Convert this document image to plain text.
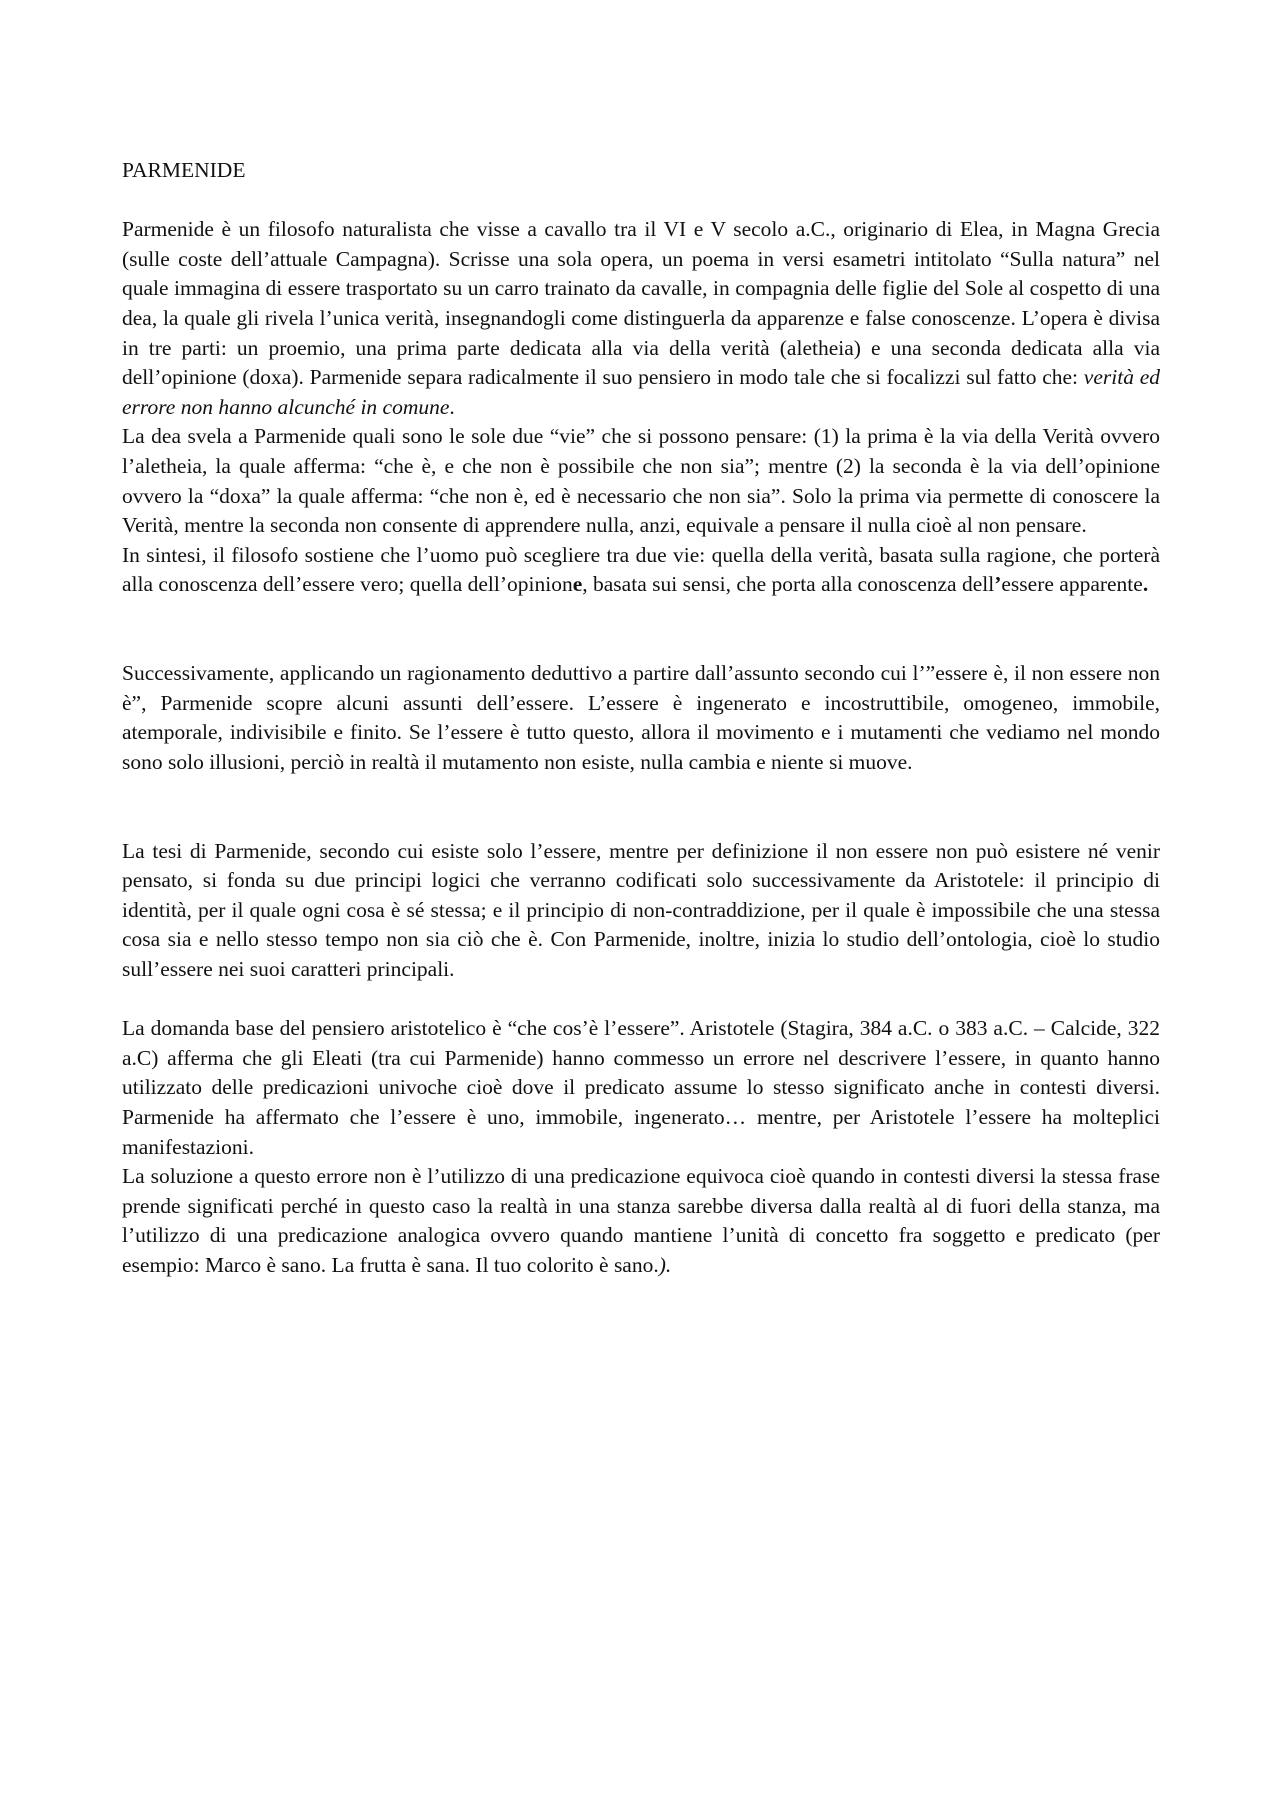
PARMENIDE

Parmenide è un filosofo naturalista che visse a cavallo tra il VI e V secolo a.C., originario di Elea, in Magna Grecia (sulle coste dell’attuale Campagna). Scrisse una sola opera, un poema in versi esametri intitolato “Sulla natura” nel quale immagina di essere trasportato su un carro trainato da cavalle, in compagnia delle figlie del Sole al cospetto di una dea, la quale gli rivela l’unica verità, insegnandogli come distinguerla da apparenze e false conoscenze. L’opera è divisa in tre parti: un proemio, una prima parte dedicata alla via della verità (aletheia) e una seconda dedicata alla via dell’opinione (doxa). Parmenide separa radicalmente il suo pensiero in modo tale che si focalizzi sul fatto che: verità ed errore non hanno alcunché in comune.

La dea svela a Parmenide quali sono le sole due “vie” che si possono pensare: (1) la prima è la via della Verità ovvero l’aletheia, la quale afferma: “che è, e che non è possibile che non sia”; mentre (2) la seconda è la via dell’opinione ovvero la “doxa” la quale afferma: “che non è, ed è necessario che non sia”. Solo la prima via permette di conoscere la Verità, mentre la seconda non consente di apprendere nulla, anzi, equivale a pensare il nulla cioè al non pensare.

In sintesi, il filosofo sostiene che l’uomo può scegliere tra due vie: quella della verità, basata sulla ragione, che porterà alla conoscenza dell’essere vero; quella dell’opinione, basata sui sensi, che porta alla conoscenza dell’essere apparente.

Successivamente, applicando un ragionamento deduttivo a partire dall’assunto secondo cui l’”essere è, il non essere non è”, Parmenide scopre alcuni assunti dell’essere. L’essere è ingenerato e incostruttibile, omogeneo, immobile, atemporale, indivisibile e finito. Se l’essere è tutto questo, allora il movimento e i mutamenti che vediamo nel mondo sono solo illusioni, perciò in realtà il mutamento non esiste, nulla cambia e niente si muove.

La tesi di Parmenide, secondo cui esiste solo l’essere, mentre per definizione il non essere non può esistere né venir pensato, si fonda su due principi logici che verranno codificati solo successivamente da Aristotele: il principio di identità, per il quale ogni cosa è sé stessa; e il principio di non-contraddizione, per il quale è impossibile che una stessa cosa sia e nello stesso tempo non sia ciò che è. Con Parmenide, inoltre, inizia lo studio dell’ontologia, cioè lo studio sull’essere nei suoi caratteri principali.

La domanda base del pensiero aristotelico è “che cos’è l’essere”. Aristotele (Stagira, 384 a.C. o 383 a.C. – Calcide, 322 a.C) afferma che gli Eleati (tra cui Parmenide) hanno commesso un errore nel descrivere l’essere, in quanto hanno utilizzato delle predicazioni univoche cioè dove il predicato assume lo stesso significato anche in contesti diversi. Parmenide ha affermato che l’essere è uno, immobile, ingenerato… mentre, per Aristotele l’essere ha molteplici manifestazioni.

La soluzione a questo errore non è l’utilizzo di una predicazione equivoca cioè quando in contesti diversi la stessa frase prende significati perché in questo caso la realtà in una stanza sarebbe diversa dalla realtà al di fuori della stanza, ma l’utilizzo di una predicazione analogica ovvero quando mantiene l’unità di concetto fra soggetto e predicato (per esempio: Marco è sano. La frutta è sana. Il tuo colorito è sano.).
